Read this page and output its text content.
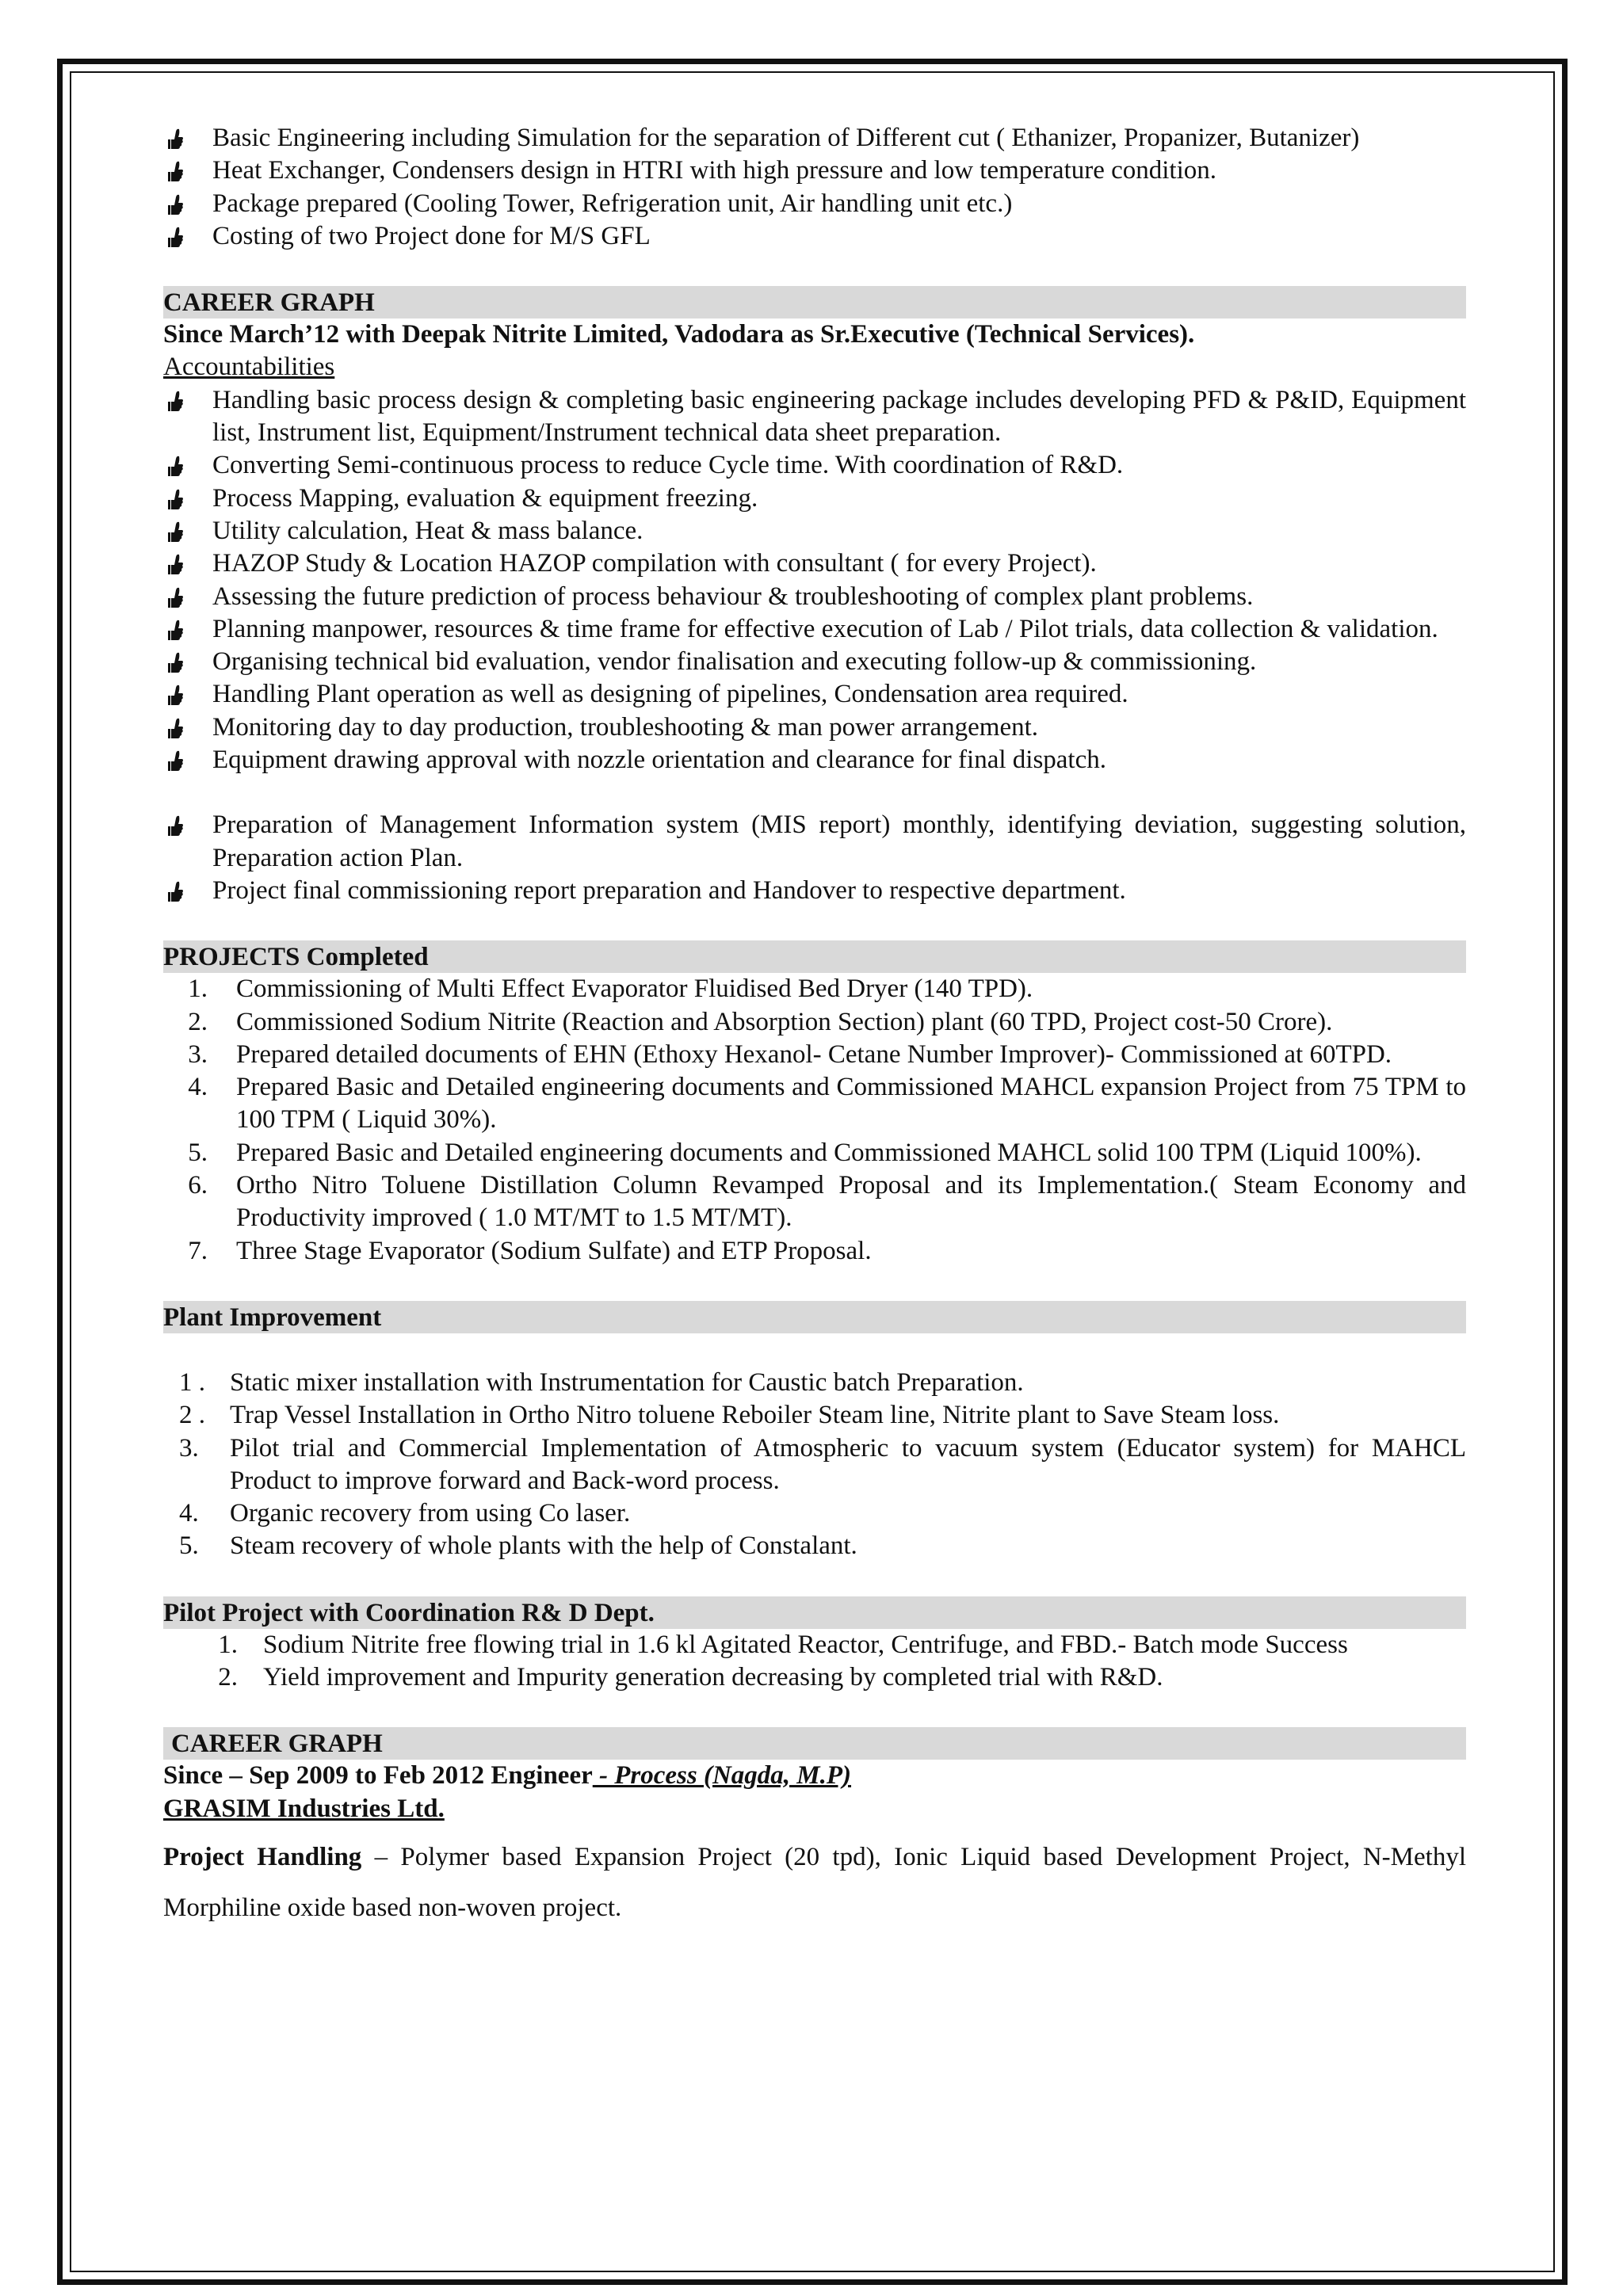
Basic Engineering including Simulation for the separation of Different cut ( Ethanizer, Propanizer, Butanizer)
Heat Exchanger, Condensers design in HTRI with high pressure and low temperature condition.
Package prepared (Cooling Tower, Refrigeration unit, Air handling unit etc.)
Costing of two Project done for M/S GFL
CAREER GRAPH
Since March’12 with Deepak Nitrite Limited, Vadodara as Sr.Executive (Technical Services).
Accountabilities
Handling basic process design & completing basic engineering package includes developing PFD & P&ID, Equipment list, Instrument list, Equipment/Instrument technical data sheet preparation.
Converting Semi-continuous process to reduce Cycle time. With coordination of R&D.
Process Mapping, evaluation & equipment freezing.
Utility calculation, Heat & mass balance.
HAZOP Study & Location HAZOP compilation with consultant ( for every Project).
Assessing the future prediction of process behaviour & troubleshooting of complex plant problems.
Planning manpower, resources & time frame for effective execution of Lab / Pilot trials, data collection & validation.
Organising technical bid evaluation, vendor finalisation and executing follow-up & commissioning.
Handling Plant operation as well as designing of pipelines, Condensation area required.
Monitoring day to day production, troubleshooting & man power arrangement.
Equipment drawing approval with nozzle orientation and clearance for final dispatch.
Preparation of Management Information system (MIS report) monthly, identifying deviation, suggesting solution, Preparation action Plan.
Project final commissioning report preparation and Handover to respective department.
PROJECTS Completed
1. Commissioning of Multi Effect Evaporator Fluidised Bed Dryer (140 TPD).
2. Commissioned Sodium Nitrite (Reaction and Absorption Section) plant (60 TPD, Project cost-50 Crore).
3. Prepared detailed documents of EHN (Ethoxy Hexanol- Cetane Number Improver)- Commissioned at 60TPD.
4. Prepared Basic and Detailed engineering documents and Commissioned MAHCL expansion Project from 75 TPM to 100 TPM ( Liquid 30%).
5. Prepared Basic and Detailed engineering documents and Commissioned MAHCL solid 100 TPM (Liquid 100%).
6. Ortho Nitro Toluene Distillation Column Revamped Proposal and its Implementation.( Steam Economy and Productivity improved ( 1.0 MT/MT to 1.5 MT/MT).
7. Three Stage Evaporator (Sodium Sulfate) and ETP Proposal.
Plant Improvement
1 . Static mixer installation with Instrumentation for Caustic batch Preparation.
2 . Trap Vessel Installation in Ortho Nitro toluene Reboiler Steam line, Nitrite plant to Save Steam loss.
3. Pilot trial and Commercial Implementation of Atmospheric to vacuum system (Educator system) for MAHCL Product to improve forward and Back-word process.
4. Organic recovery from using Co laser.
5. Steam recovery of whole plants with the help of Constalant.
Pilot Project with Coordination R& D Dept.
1. Sodium Nitrite free flowing trial in 1.6 kl Agitated Reactor, Centrifuge, and FBD.- Batch mode Success
2. Yield improvement and Impurity generation decreasing by completed trial with R&D.
CAREER GRAPH
Since – Sep 2009 to Feb 2012 Engineer - Process (Nagda, M.P)
GRASIM Industries Ltd.
Project Handling – Polymer based Expansion Project (20 tpd), Ionic Liquid based Development Project, N-Methyl Morphiline oxide based non-woven project.
